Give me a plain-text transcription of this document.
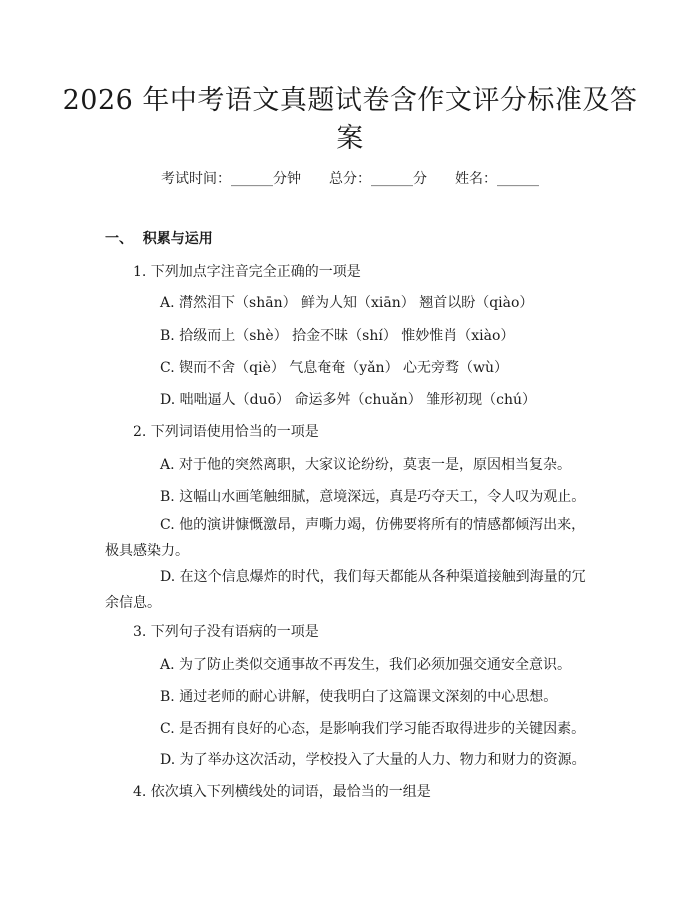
2026 年中考语文真题试卷含作文评分标准及答案
考试时间：______分钟 总分：______分 姓名：______
一、  积累与运用
1. 下列加点字注音完全正确的一项是
A. 潸然泪下（shān） 鲜为人知（xiān） 翘首以盼（qiào）
B. 拾级而上（shè） 拾金不昧（shí） 惟妙惟肖（xiào）
C. 锲而不舍（qiè） 气息奄奄（yǎn） 心无旁骛（wù）
D. 咄咄逼人（duō） 命运多舛（chuǎn） 雏形初现（chú）
2. 下列词语使用恰当的一项是
A. 对于他的突然离职，大家议论纷纷，莫衷一是，原因相当复杂。
B. 这幅山水画笔触细腻，意境深远，真是巧夺天工，令人叹为观止。
C. 他的演讲慷慨激昂，声嘶力竭，仿佛要将所有的情感都倾泻出来，极具感染力。
D. 在这个信息爆炸的时代，我们每天都能从各种渠道接触到海量的冗余信息。
3. 下列句子没有语病的一项是
A. 为了防止类似交通事故不再发生，我们必须加强交通安全意识。
B. 通过老师的耐心讲解，使我明白了这篇课文深刻的中心思想。
C. 是否拥有良好的心态，是影响我们学习能否取得进步的关键因素。
D. 为了举办这次活动，学校投入了大量的人力、物力和财力的资源。
4. 依次填入下列横线处的词语，最恰当的一组是
